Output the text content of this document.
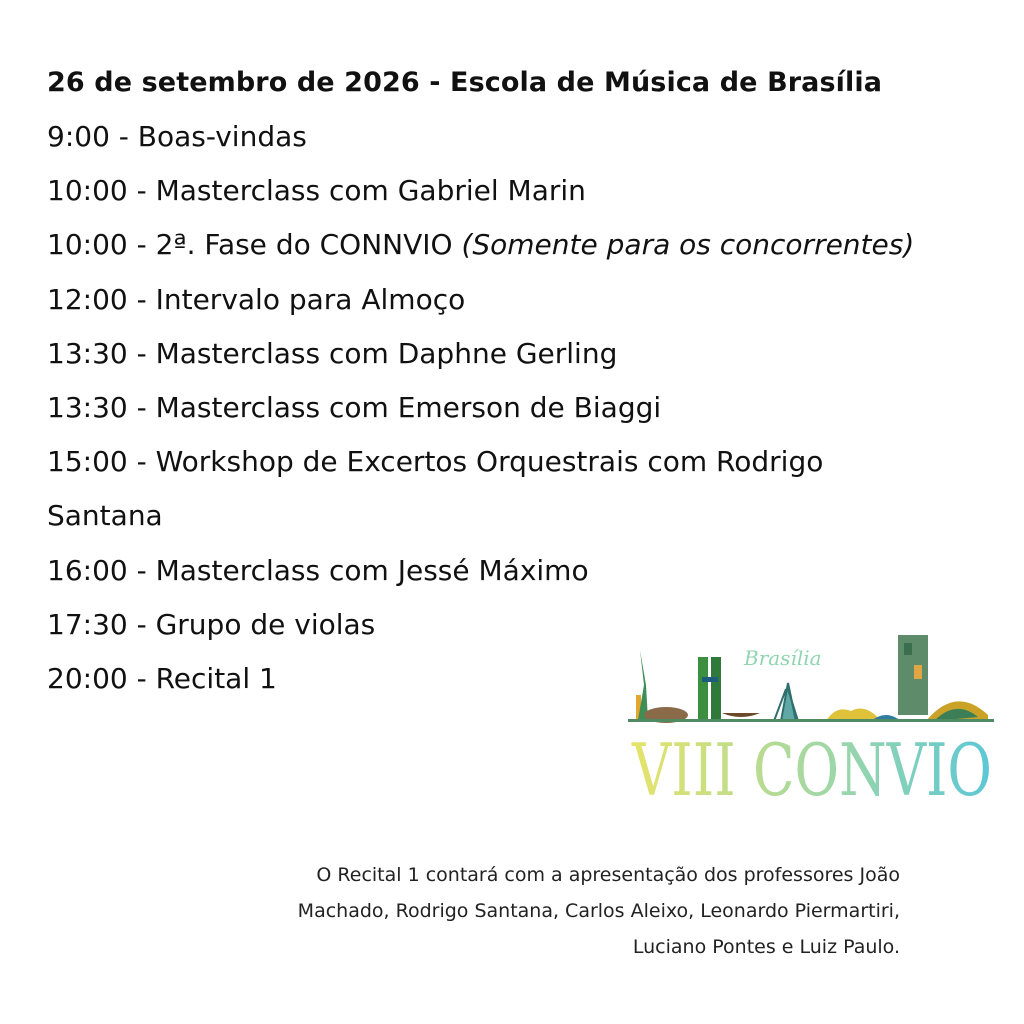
26 de setembro de 2026 - Escola de Música de Brasília

9:00 - Boas-vindas

10:00 - Masterclass com Gabriel Marin

10:00 - 2ª. Fase do CONNVIO (Somente para os concorrentes)

12:00 - Intervalo para Almoço

13:30 - Masterclass com Daphne Gerling

13:30 - Masterclass com Emerson de Biaggi

15:00 - Workshop de Excertos Orquestrais com Rodrigo Santana

16:00 - Masterclass com Jessé Máximo

17:30 - Grupo de violas

20:00 - Recital 1

Brasília
VIII CONVIO

O Recital 1 contará com a apresentação dos professores João Machado, Rodrigo Santana, Carlos Aleixo, Leonardo Piermartiri, Luciano Pontes e Luiz Paulo.
